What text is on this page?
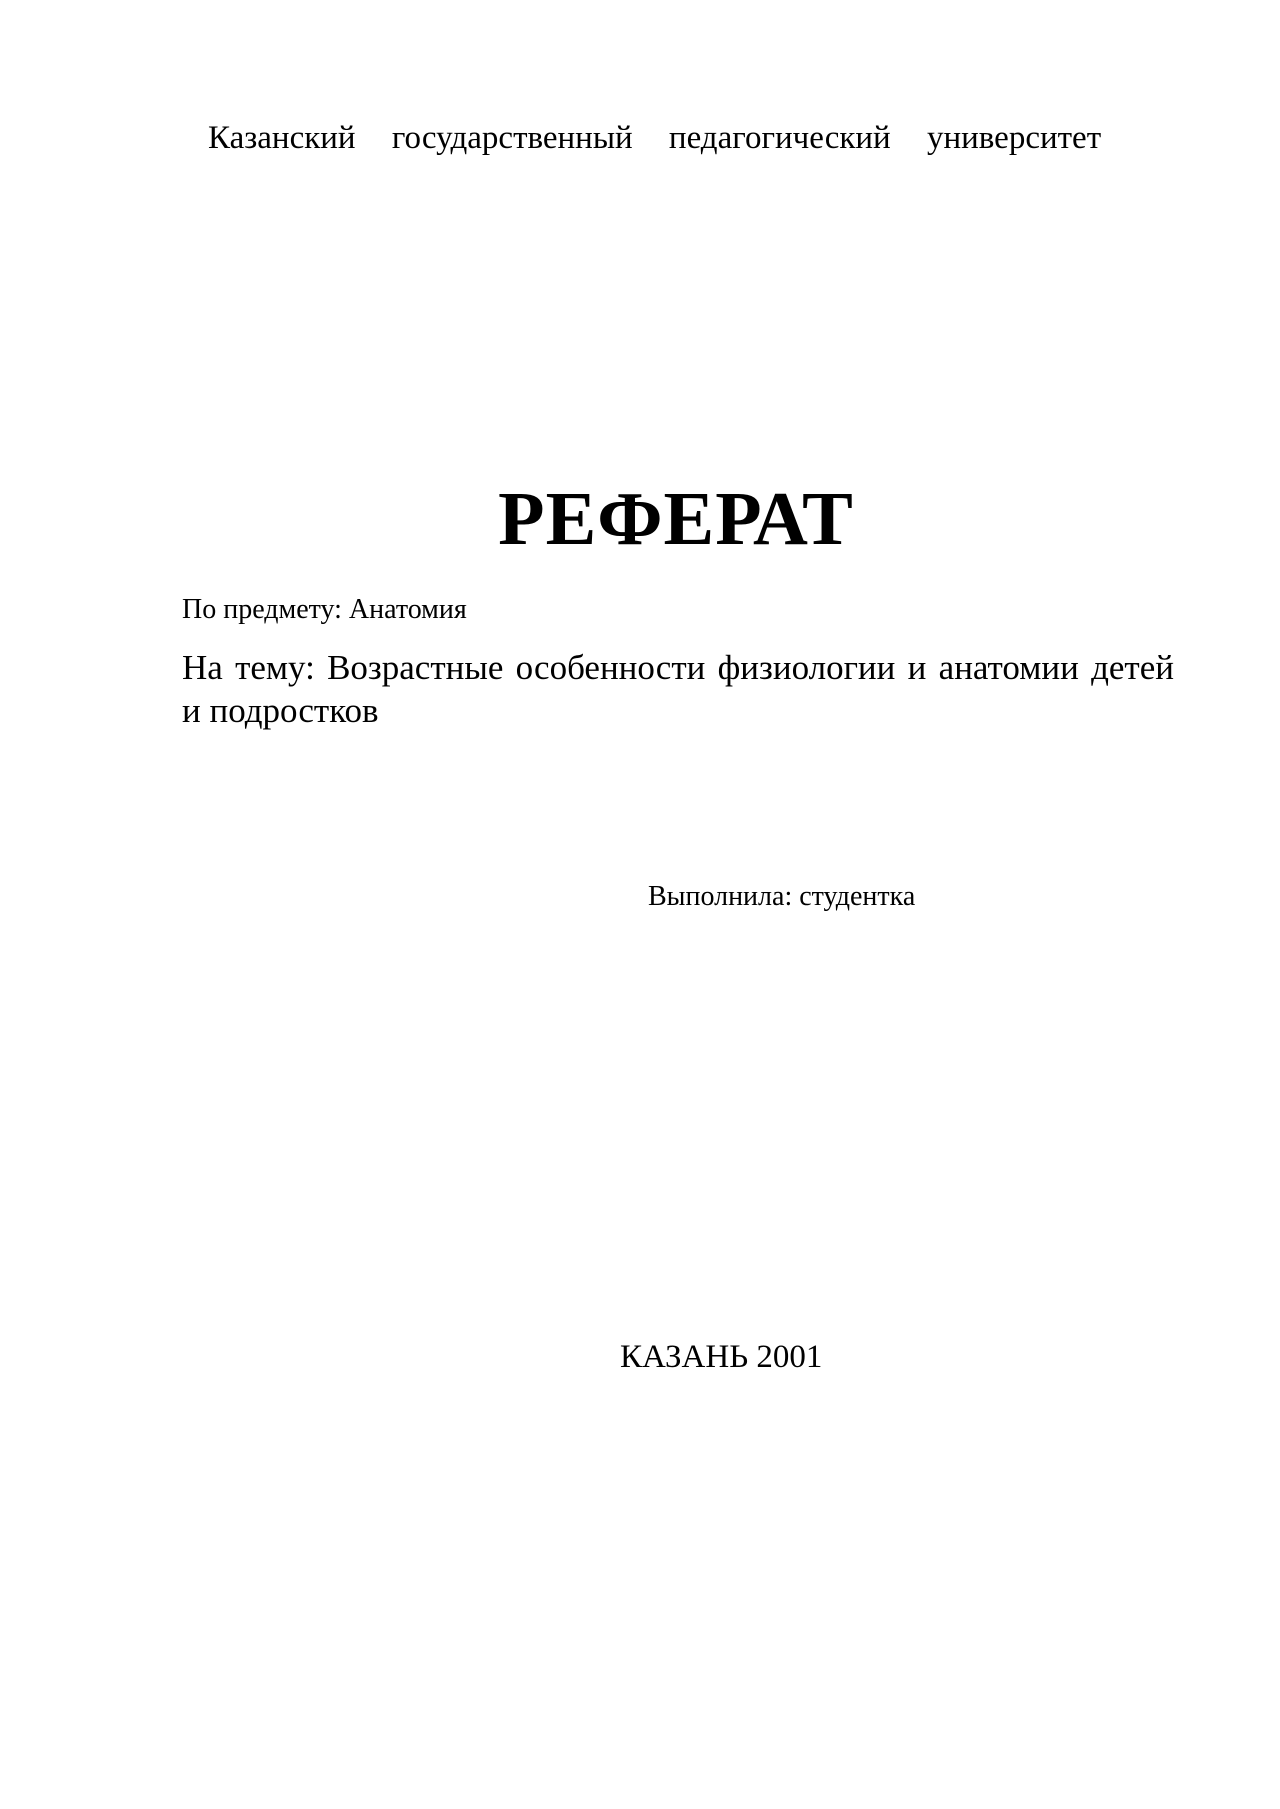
Казанский государственный педагогический университет
РЕФЕРАТ
По предмету: Анатомия
На тему: Возрастные особенности физиологии и анатомии детей и подростков
Выполнила: студентка
КАЗАНЬ 2001
